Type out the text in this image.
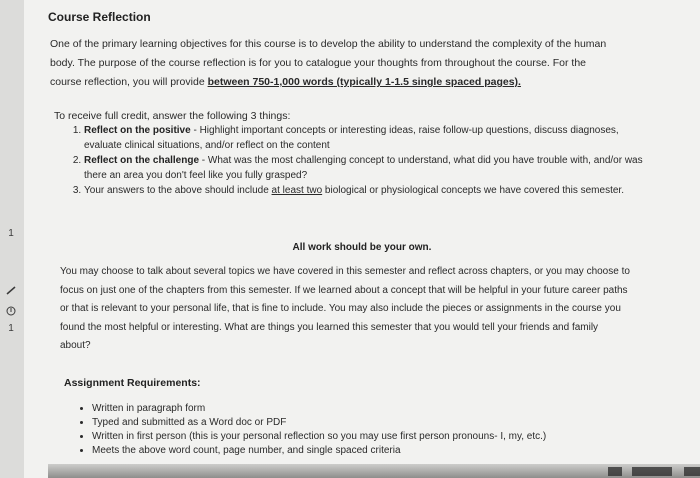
1
1
Course Reflection
One of the primary learning objectives for this course is to develop the ability to understand the complexity of the human body. The purpose of the course reflection is for you to catalogue your thoughts from throughout the course. For the course reflection, you will provide between 750-1,000 words (typically 1-1.5 single spaced pages).
To receive full credit, answer the following 3 things:
1. Reflect on the positive - Highlight important concepts or interesting ideas, raise follow-up questions, discuss diagnoses, evaluate clinical situations, and/or reflect on the content
2. Reflect on the challenge - What was the most challenging concept to understand, what did you have trouble with, and/or was there an area you don't feel like you fully grasped?
3. Your answers to the above should include at least two biological or physiological concepts we have covered this semester.
All work should be your own.
You may choose to talk about several topics we have covered in this semester and reflect across chapters, or you may choose to focus on just one of the chapters from this semester. If we learned about a concept that will be helpful in your future career paths or that is relevant to your personal life, that is fine to include. You may also include the pieces or assignments in the course you found the most helpful or interesting. What are things you learned this semester that you would tell your friends and family about?
Assignment Requirements:
• Written in paragraph form
• Typed and submitted as a Word doc or PDF
• Written in first person (this is your personal reflection so you may use first person pronouns- I, my, etc.)
• Meets the above word count, page number, and single spaced criteria
